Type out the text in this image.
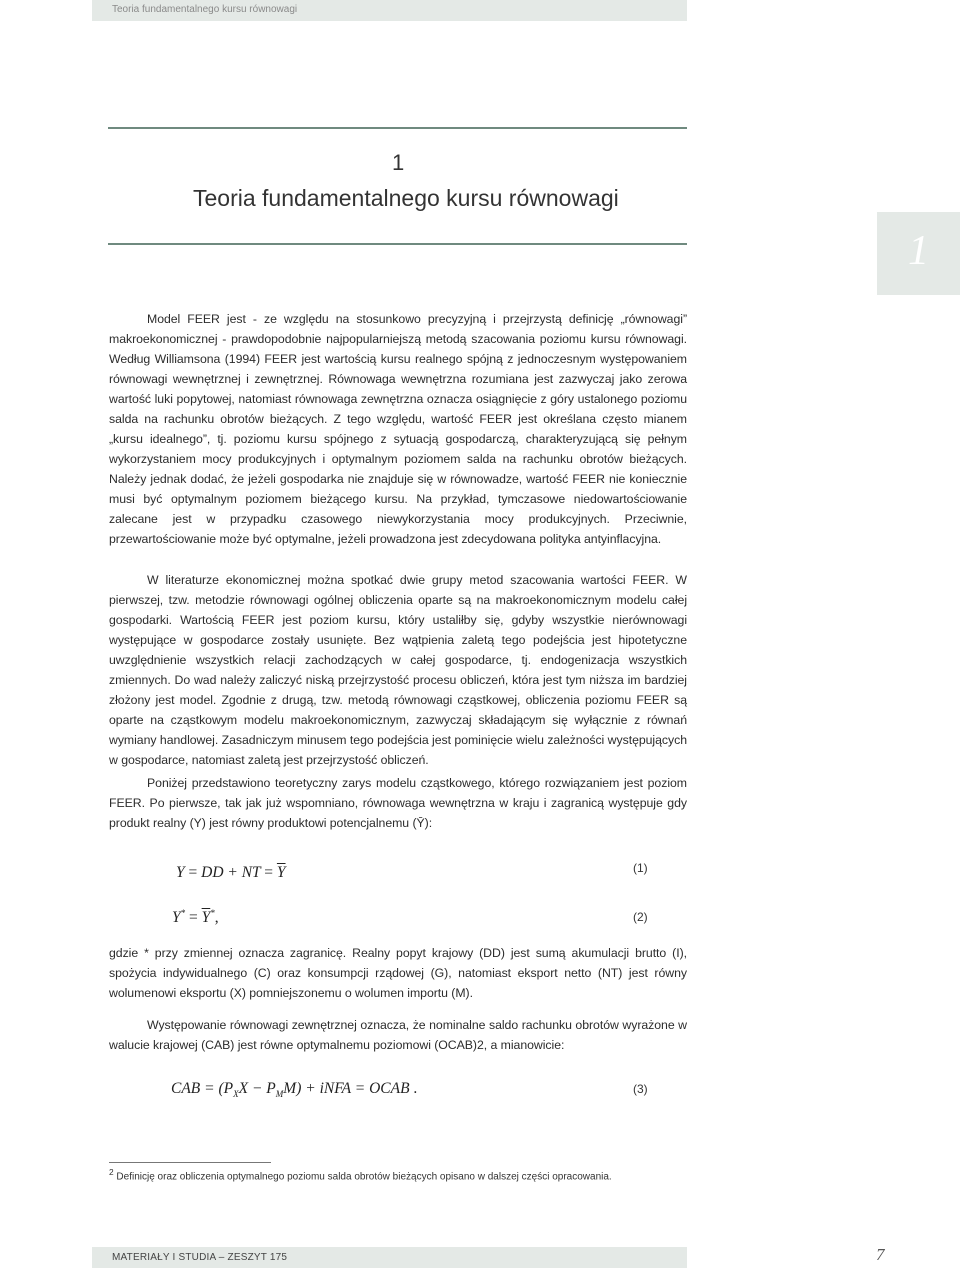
Teoria fundamentalnego kursu równowagi
1
Teoria fundamentalnego kursu równowagi
1

Model FEER jest - ze względu na stosunkowo precyzyjną i przejrzystą definicję „równowagi” makroekonomicznej - prawdopodobnie najpopularniejszą metodą szacowania poziomu kursu równowagi. Według Williamsona (1994) FEER jest wartością kursu realnego spójną z jednoczesnym występowaniem równowagi wewnętrznej i zewnętrznej. Równowaga wewnętrzna rozumiana jest zazwyczaj jako zerowa wartość luki popytowej, natomiast równowaga zewnętrzna oznacza osiągnięcie z góry ustalonego poziomu salda na rachunku obrotów bieżących. Z tego względu, wartość FEER jest określana często mianem „kursu idealnego”, tj. poziomu kursu spójnego z sytuacją gospodarczą, charakteryzującą się pełnym wykorzystaniem mocy produkcyjnych i optymalnym poziomem salda na rachunku obrotów bieżących. Należy jednak dodać, że jeżeli gospodarka nie znajduje się w równowadze, wartość FEER nie koniecznie musi być optymalnym poziomem bieżącego kursu. Na przykład, tymczasowe niedowartościowanie zalecane jest w przypadku czasowego niewykorzystania mocy produkcyjnych. Przeciwnie, przewartościowanie może być optymalne, jeżeli prowadzona jest zdecydowana polityka antyinflacyjna.

W literaturze ekonomicznej można spotkać dwie grupy metod szacowania wartości FEER. W pierwszej, tzw. metodzie równowagi ogólnej obliczenia oparte są na makroekonomicznym modelu całej gospodarki. Wartością FEER jest poziom kursu, który ustaliłby się, gdyby wszystkie nierównowagi występujące w gospodarce zostały usunięte. Bez wątpienia zaletą tego podejścia jest hipotetyczne uwzględnienie wszystkich relacji zachodzących w całej gospodarce, tj. endogenizacja wszystkich zmiennych. Do wad należy zaliczyć niską przejrzystość procesu obliczeń, która jest tym niższa im bardziej złożony jest model. Zgodnie z drugą, tzw. metodą równowagi cząstkowej, obliczenia poziomu FEER są oparte na cząstkowym modelu makroekonomicznym, zazwyczaj składającym się wyłącznie z równań wymiany handlowej. Zasadniczym minusem tego podejścia jest pominięcie wielu zależności występujących w gospodarce, natomiast zaletą jest przejrzystość obliczeń.

Poniżej przedstawiono teoretyczny zarys modelu cząstkowego, którego rozwiązaniem jest poziom FEER. Po pierwsze, tak jak już wspomniano, równowaga wewnętrzna w kraju i zagranicą występuje gdy produkt realny (Y) jest równy produktowi potencjalnemu (Ȳ):

Y = DD + NT = $\overline{Y}$	(1)
$Y^* = \overline{Y}^*$,	(2)

gdzie * przy zmiennej oznacza zagranicę. Realny popyt krajowy (DD) jest sumą akumulacji brutto (I), spożycia indywidualnego (C) oraz konsumpcji rządowej (G), natomiast eksport netto (NT) jest równy wolumenowi eksportu (X) pomniejszonemu o wolumen importu (M).

Występowanie równowagi zewnętrznej oznacza, że nominalne saldo rachunku obrotów wyrażone w walucie krajowej (CAB) jest równe optymalnemu poziomowi (OCAB)2, a mianowicie:

CAB = $(P_XX - P_MM)$ + iNFA = OCAB .	(3)
$^2$ Definicję oraz obliczenia optymalnego poziomu salda obrotów bieżących opisano w dalszej części opracowania.
MATERIAŁY I STUDIA – ZESZYT 175	7
